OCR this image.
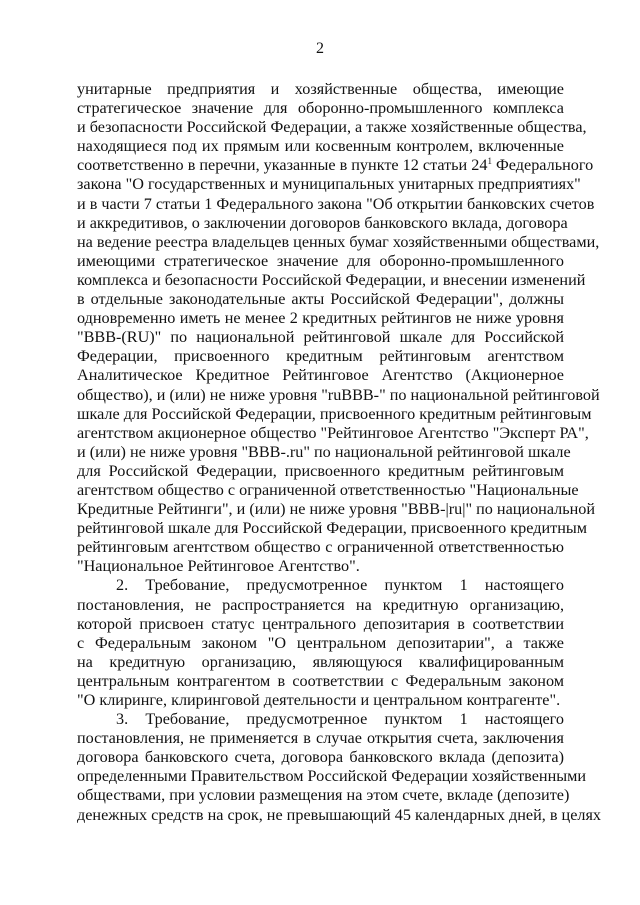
2
унитарные предприятия и хозяйственные общества, имеющие
стратегическое значение для оборонно-промышленного комплекса
и безопасности Российской Федерации, а также хозяйственные общества,
находящиеся под их прямым или косвенным контролем, включенные
соответственно в перечни, указанные в пункте 12 статьи $24^1$ Федерального
закона "О государственных и муниципальных унитарных предприятиях"
и в части 7 статьи 1 Федерального закона "Об открытии банковских счетов
и аккредитивов, о заключении договоров банковского вклада, договора
на ведение реестра владельцев ценных бумаг хозяйственными обществами,
имеющими стратегическое значение для оборонно-промышленного
комплекса и безопасности Российской Федерации, и внесении изменений
в отдельные законодательные акты Российской Федерации", должны
одновременно иметь не менее 2 кредитных рейтингов не ниже уровня
"BBB-(RU)" по национальной рейтинговой шкале для Российской
Федерации, присвоенного кредитным рейтинговым агентством
Аналитическое Кредитное Рейтинговое Агентство (Акционерное
общество), и (или) не ниже уровня "ruBBB-" по национальной рейтинговой
шкале для Российской Федерации, присвоенного кредитным рейтинговым
агентством акционерное общество "Рейтинговое Агентство "Эксперт РА",
и (или) не ниже уровня "BBB-.ru" по национальной рейтинговой шкале
для Российской Федерации, присвоенного кредитным рейтинговым
агентством общество с ограниченной ответственностью "Национальные
Кредитные Рейтинги", и (или) не ниже уровня "BBB-|ru|" по национальной
рейтинговой шкале для Российской Федерации, присвоенного кредитным
рейтинговым агентством общество с ограниченной ответственностью
"Национальное Рейтинговое Агентство".
2. Требование, предусмотренное пунктом 1 настоящего
постановления, не распространяется на кредитную организацию,
которой присвоен статус центрального депозитария в соответствии
с Федеральным законом "О центральном депозитарии", а также
на кредитную организацию, являющуюся квалифицированным
центральным контрагентом в соответствии с Федеральным законом
"О клиринге, клиринговой деятельности и центральном контрагенте".
3. Требование, предусмотренное пунктом 1 настоящего
постановления, не применяется в случае открытия счета, заключения
договора банковского счета, договора банковского вклада (депозита)
определенными Правительством Российской Федерации хозяйственными
обществами, при условии размещения на этом счете, вкладе (депозите)
денежных средств на срок, не превышающий 45 календарных дней, в целях
